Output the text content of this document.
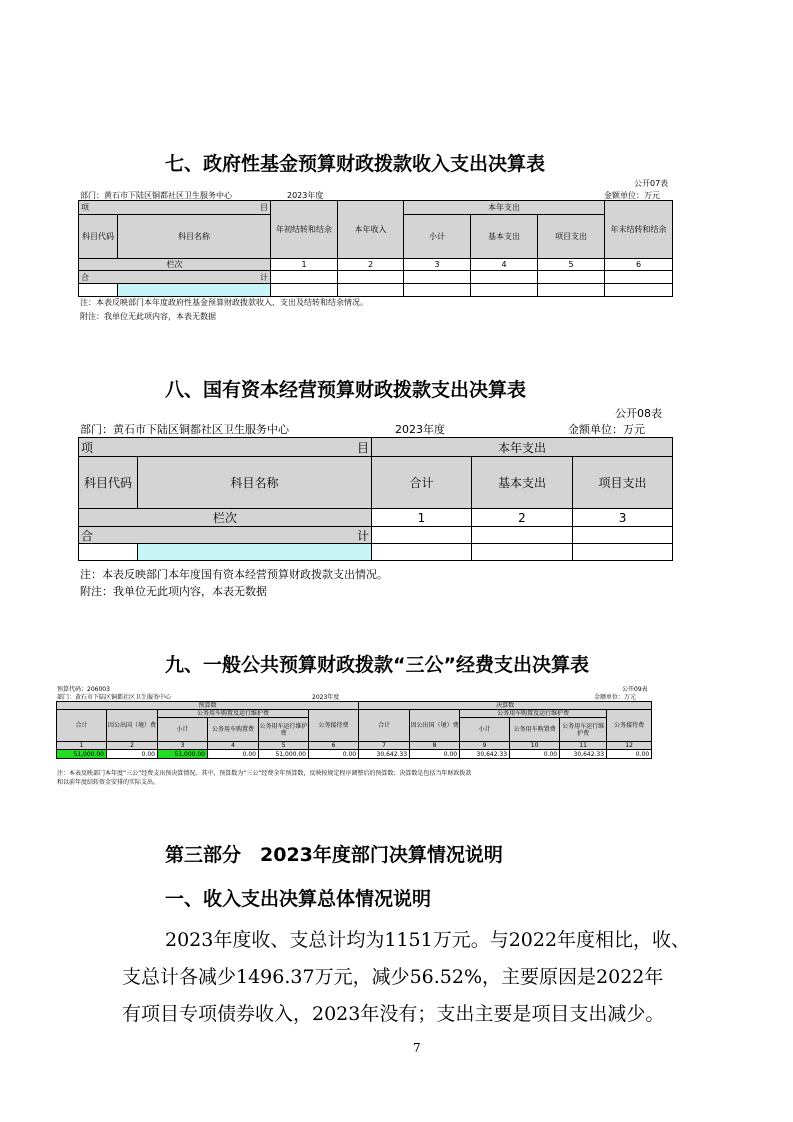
七、政府性基金预算财政拨款收入支出决算表
公开07表
部门：黄石市下陆区铜都社区卫生服务中心	2023年度	金额单位：万元
项 目		年初结转和结余	本年收入	本年支出			年末结转和结余
科目代码	科目名称			小计	基本支出	项目支出	
栏次		1	2	3	4	5	6

合 计							

注：本表反映部门本年度政府性基金预算财政拨款收入、支出及结转和结余情况。
附注：我单位无此项内容，本表无数据
八、国有资本经营预算财政拨款支出决算表
公开08表
部门：黄石市下陆区铜都社区卫生服务中心	2023年度	金额单位：万元
项 目		本年支出		
科目代码	科目名称	合计	基本支出	项目支出
栏次		1	2	3

合 计				

注：本表反映部门本年度国有资本经营预算财政拨款支出情况。
附注：我单位无此项内容，本表无数据
九、一般公共预算财政拨款“三公”经费支出决算表
预算代码：206003	公开09表
部门：黄石市下陆区铜都社区卫生服务中心	2023年度	金额单位：万元
预算数						决算数					
合计	因公出国（境）费	公务用车购置及运行维护费			公务接待费	合计	因公出国（境）费	公务用车购置及运行维护费			公务接待费
		小计	公务用车购置费	公务用车运行维护费				小计	公务用车购置费	公务用车运行维护费	
1	2	3	4	5	6	7	8	9	10	11	12
51,000.00	0.00	51,000.00	0.00	51,000.00	0.00	30,642.33	0.00	30,642.33	0.00	30,642.33	0.00
注：本表反映部门本年度“三公”经费支出预决算情况。其中，预算数为“三公”经费全年预算数，反映按规定程序调整后的预算数；决算数是包括当年财政拨款
和以前年度结转资金安排的实际支出。
第三部分　2023年度部门决算情况说明
一、收入支出决算总体情况说明
2023年度收、支总计均为1151万元。与2022年度相比，收、
支总计各减少1496.37万元，减少56.52%，主要原因是2022年
有项目专项债券收入，2023年没有；支出主要是项目支出减少。
7
